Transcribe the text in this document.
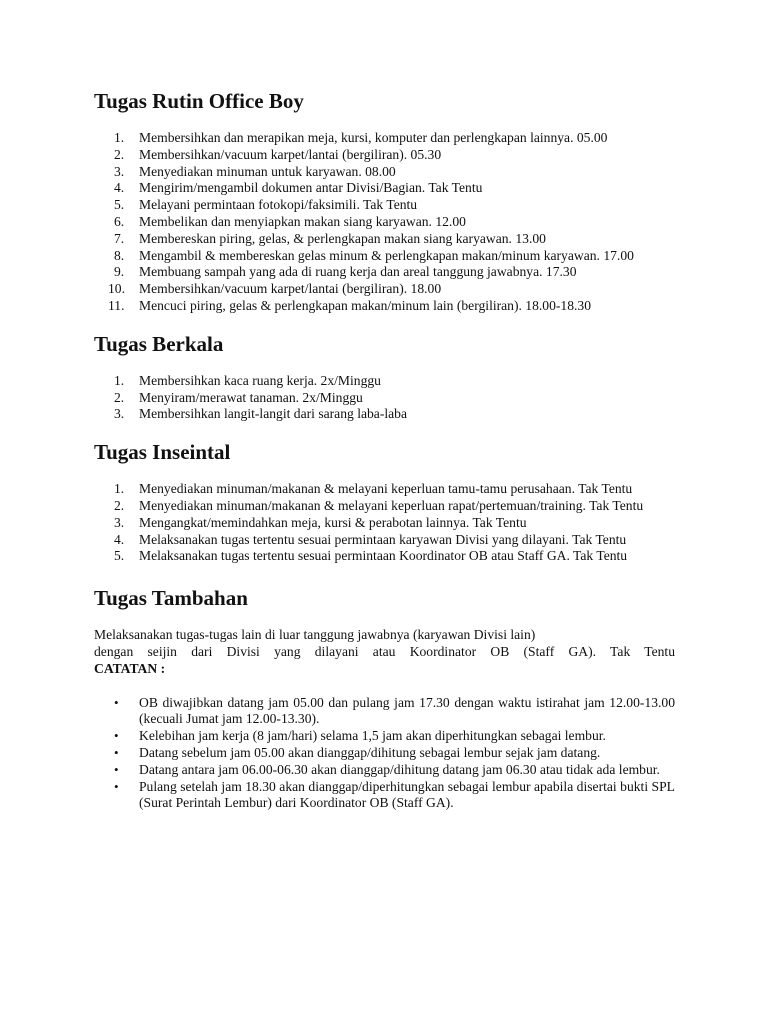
Tugas Rutin Office Boy
1. Membersihkan dan merapikan meja, kursi, komputer dan perlengkapan lainnya. 05.00
2. Membersihkan/vacuum karpet/lantai (bergiliran). 05.30
3. Menyediakan minuman untuk karyawan. 08.00
4. Mengirim/mengambil dokumen antar Divisi/Bagian. Tak Tentu
5. Melayani permintaan fotokopi/faksimili. Tak Tentu
6. Membelikan dan menyiapkan makan siang karyawan. 12.00
7. Membereskan piring, gelas, & perlengkapan makan siang karyawan. 13.00
8. Mengambil & membereskan gelas minum & perlengkapan makan/minum karyawan. 17.00
9. Membuang sampah yang ada di ruang kerja dan areal tanggung jawabnya. 17.30
10. Membersihkan/vacuum karpet/lantai (bergiliran). 18.00
11. Mencuci piring, gelas & perlengkapan makan/minum lain (bergiliran). 18.00-18.30
Tugas Berkala
1. Membersihkan kaca ruang kerja. 2x/Minggu
2. Menyiram/merawat tanaman. 2x/Minggu
3. Membersihkan langit-langit dari sarang laba-laba
Tugas Inseintal
1. Menyediakan minuman/makanan & melayani keperluan tamu-tamu perusahaan. Tak Tentu
2. Menyediakan minuman/makanan & melayani keperluan rapat/pertemuan/training. Tak Tentu
3. Mengangkat/memindahkan meja, kursi & perabotan lainnya. Tak Tentu
4. Melaksanakan tugas tertentu sesuai permintaan karyawan Divisi yang dilayani. Tak Tentu
5. Melaksanakan tugas tertentu sesuai permintaan Koordinator OB atau Staff GA. Tak Tentu
Tugas Tambahan
Melaksanakan tugas-tugas lain di luar tanggung jawabnya (karyawan Divisi lain)
dengan seijin dari Divisi yang dilayani atau Koordinator OB (Staff GA). Tak Tentu
CATATAN :
• OB diwajibkan datang jam 05.00 dan pulang jam 17.30 dengan waktu istirahat jam 12.00-13.00 (kecuali Jumat jam 12.00-13.30).
• Kelebihan jam kerja (8 jam/hari) selama 1,5 jam akan diperhitungkan sebagai lembur.
• Datang sebelum jam 05.00 akan dianggap/dihitung sebagai lembur sejak jam datang.
• Datang antara jam 06.00-06.30 akan dianggap/dihitung datang jam 06.30 atau tidak ada lembur.
• Pulang setelah jam 18.30 akan dianggap/diperhitungkan sebagai lembur apabila disertai bukti SPL (Surat Perintah Lembur) dari Koordinator OB (Staff GA).
